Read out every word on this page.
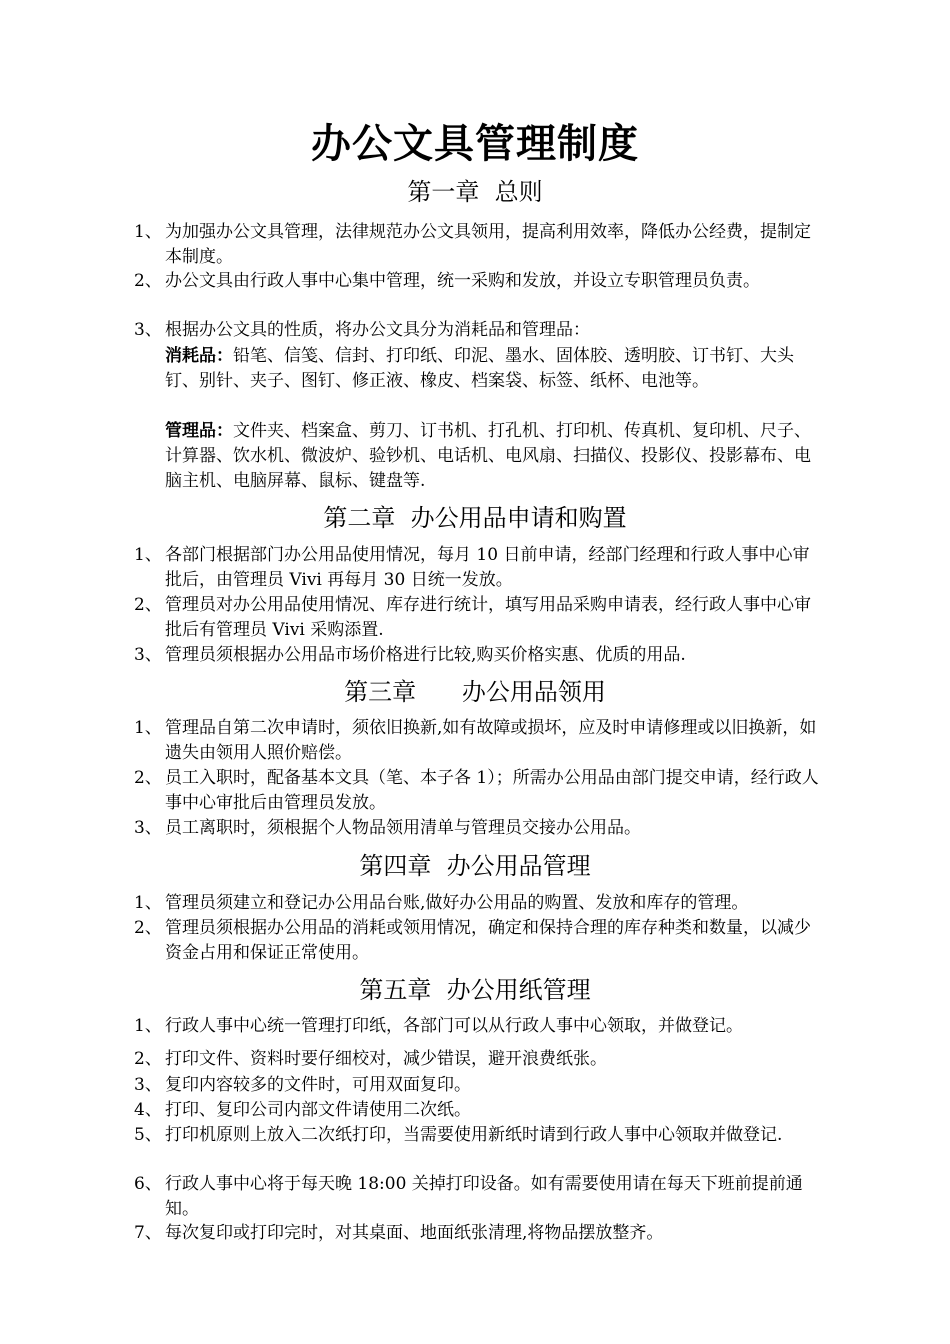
办公文具管理制度
第一章  总则
1、 为加强办公文具管理，法律规范办公文具领用，提高利用效率，降低办公经费，提制定本制度。
2、 办公文具由行政人事中心集中管理，统一采购和发放，并设立专职管理员负责。
3、 根据办公文具的性质，将办公文具分为消耗品和管理品：
消耗品：铅笔、信笺、信封、打印纸、印泥、墨水、固体胶、透明胶、订书钉、大头钉、别针、夹子、图钉、修正液、橡皮、档案袋、标签、纸杯、电池等。
管理品：文件夹、档案盒、剪刀、订书机、打孔机、打印机、传真机、复印机、尺子、计算器、饮水机、微波炉、验钞机、电话机、电风扇、扫描仪、投影仪、投影幕布、电脑主机、电脑屏幕、鼠标、键盘等.
第二章  办公用品申请和购置
1、 各部门根据部门办公用品使用情况，每月 10 日前申请，经部门经理和行政人事中心审批后，由管理员 Vivi 再每月 30 日统一发放。
2、 管理员对办公用品使用情况、库存进行统计，填写用品采购申请表，经行政人事中心审批后有管理员 Vivi 采购添置.
3、 管理员须根据办公用品市场价格进行比较,购买价格实惠、优质的用品.
第三章      办公用品领用
1、 管理品自第二次申请时，须依旧换新,如有故障或损坏，应及时申请修理或以旧换新，如遗失由领用人照价赔偿。
2、 员工入职时，配备基本文具（笔、本子各 1）；所需办公用品由部门提交申请，经行政人事中心审批后由管理员发放。
3、 员工离职时，须根据个人物品领用清单与管理员交接办公用品。
第四章  办公用品管理
1、 管理员须建立和登记办公用品台账,做好办公用品的购置、发放和库存的管理。
2、 管理员须根据办公用品的消耗或领用情况，确定和保持合理的库存种类和数量，以减少资金占用和保证正常使用。
第五章  办公用纸管理
1、 行政人事中心统一管理打印纸，各部门可以从行政人事中心领取，并做登记。
2、 打印文件、资料时要仔细校对，减少错误，避开浪费纸张。
3、 复印内容较多的文件时，可用双面复印。
4、 打印、复印公司内部文件请使用二次纸。
5、 打印机原则上放入二次纸打印，当需要使用新纸时请到行政人事中心领取并做登记.
6、 行政人事中心将于每天晚 18:00 关掉打印设备。如有需要使用请在每天下班前提前通知。
7、 每次复印或打印完时，对其桌面、地面纸张清理,将物品摆放整齐。
